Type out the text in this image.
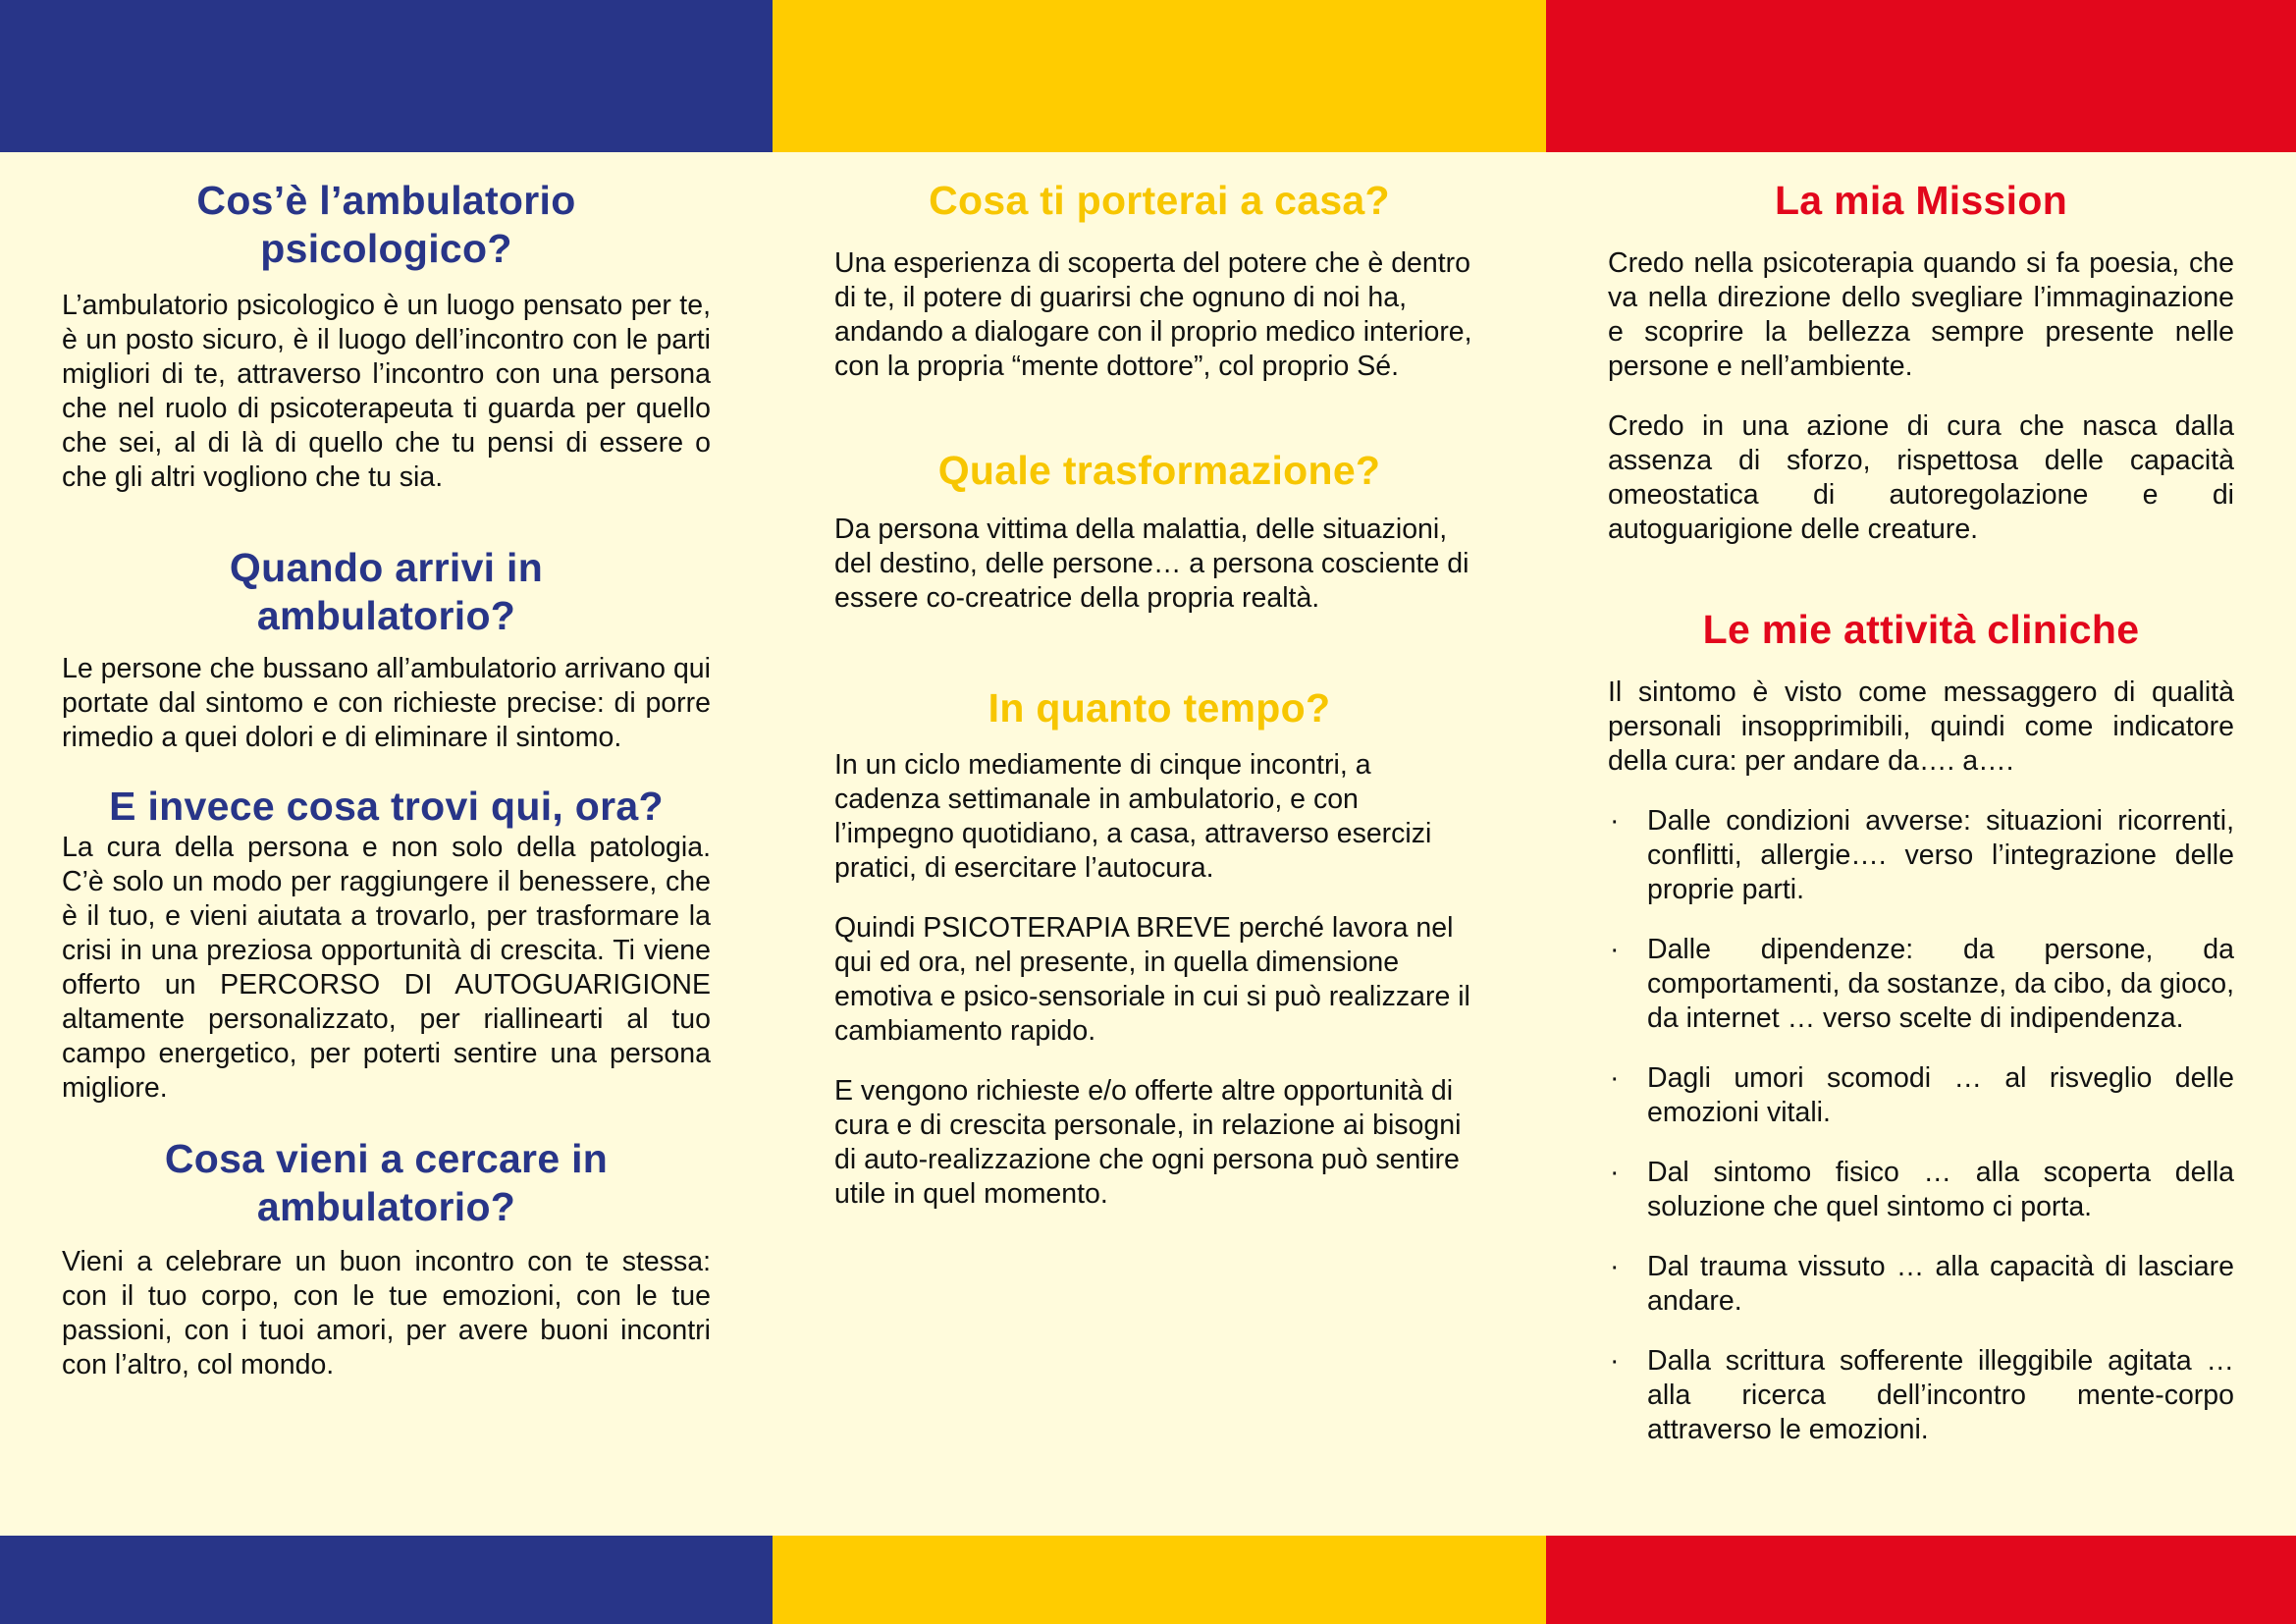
Cos’è l’ambulatorio psicologico?

L’ambulatorio psicologico è un luogo pensato per te, è un posto sicuro, è il luogo dell’incontro con le parti migliori di te, attraverso l’incontro con una persona che nel ruolo di psicoterapeuta ti guarda per quello che sei, al di là di quello che tu pensi di essere o che gli altri vogliono che tu sia.

Quando arrivi in ambulatorio?

Le persone che bussano all’ambulatorio arrivano qui portate dal sintomo e con richieste precise: di porre rimedio a quei dolori e di eliminare il sintomo.

E invece cosa trovi qui, ora?

La cura della persona e non solo della patologia. C’è solo un modo per raggiungere il benessere, che è il tuo, e vieni aiutata a trovarlo, per trasformare la crisi in una preziosa opportunità di crescita. Ti viene offerto un PERCORSO DI AUTOGUARIGIONE altamente personalizzato, per riallinearti al tuo campo energetico, per poterti sentire una persona migliore.

Cosa vieni a cercare in ambulatorio?

Vieni a celebrare un buon incontro con te stessa: con il tuo corpo, con le tue emozioni, con le tue passioni, con i tuoi amori, per avere buoni incontri con l’altro, col mondo.

Cosa ti porterai a casa?

Una esperienza di scoperta del potere che è dentro di te, il potere di guarirsi che ognuno di noi ha, andando a dialogare con il proprio medico interiore, con la propria “mente dottore”, col proprio Sé.

Quale trasformazione?

Da persona vittima della malattia, delle situazioni, del destino, delle persone… a persona cosciente di essere co-creatrice della propria realtà.

In quanto tempo?

In un ciclo mediamente di cinque incontri, a cadenza settimanale in ambulatorio, e con l’impegno quotidiano, a casa, attraverso esercizi pratici, di esercitare l’autocura.

Quindi PSICOTERAPIA BREVE perché lavora nel qui ed ora, nel presente, in quella dimensione emotiva e psico-sensoriale in cui si può realizzare il cambiamento rapido.

E vengono richieste e/o offerte altre opportunità di cura e di crescita personale, in relazione ai bisogni di auto-realizzazione che ogni persona può sentire utile in quel momento.

La mia Mission

Credo nella psicoterapia quando si fa poesia, che va nella direzione dello svegliare l’immaginazione e scoprire la bellezza sempre presente nelle persone e nell’ambiente.

Credo in una azione di cura che nasca dalla assenza di sforzo, rispettosa delle capacità omeostatica di autoregolazione e di autoguarigione delle creature.

Le mie attività cliniche

Il sintomo è visto come messaggero di qualità personali insopprimibili, quindi come indicatore della cura: per andare da…. a….

· Dalle condizioni avverse: situazioni ricorrenti, conflitti, allergie…. verso l’integrazione delle proprie parti.
· Dalle dipendenze: da persone, da comportamenti, da sostanze, da cibo, da gioco, da internet … verso scelte di indipendenza.
· Dagli umori scomodi … al risveglio delle emozioni vitali.
· Dal sintomo fisico … alla scoperta della soluzione che quel sintomo ci porta.
· Dal trauma vissuto … alla capacità di lasciare andare.
· Dalla scrittura sofferente illeggibile agitata … alla ricerca dell’incontro mente-corpo attraverso le emozioni.
